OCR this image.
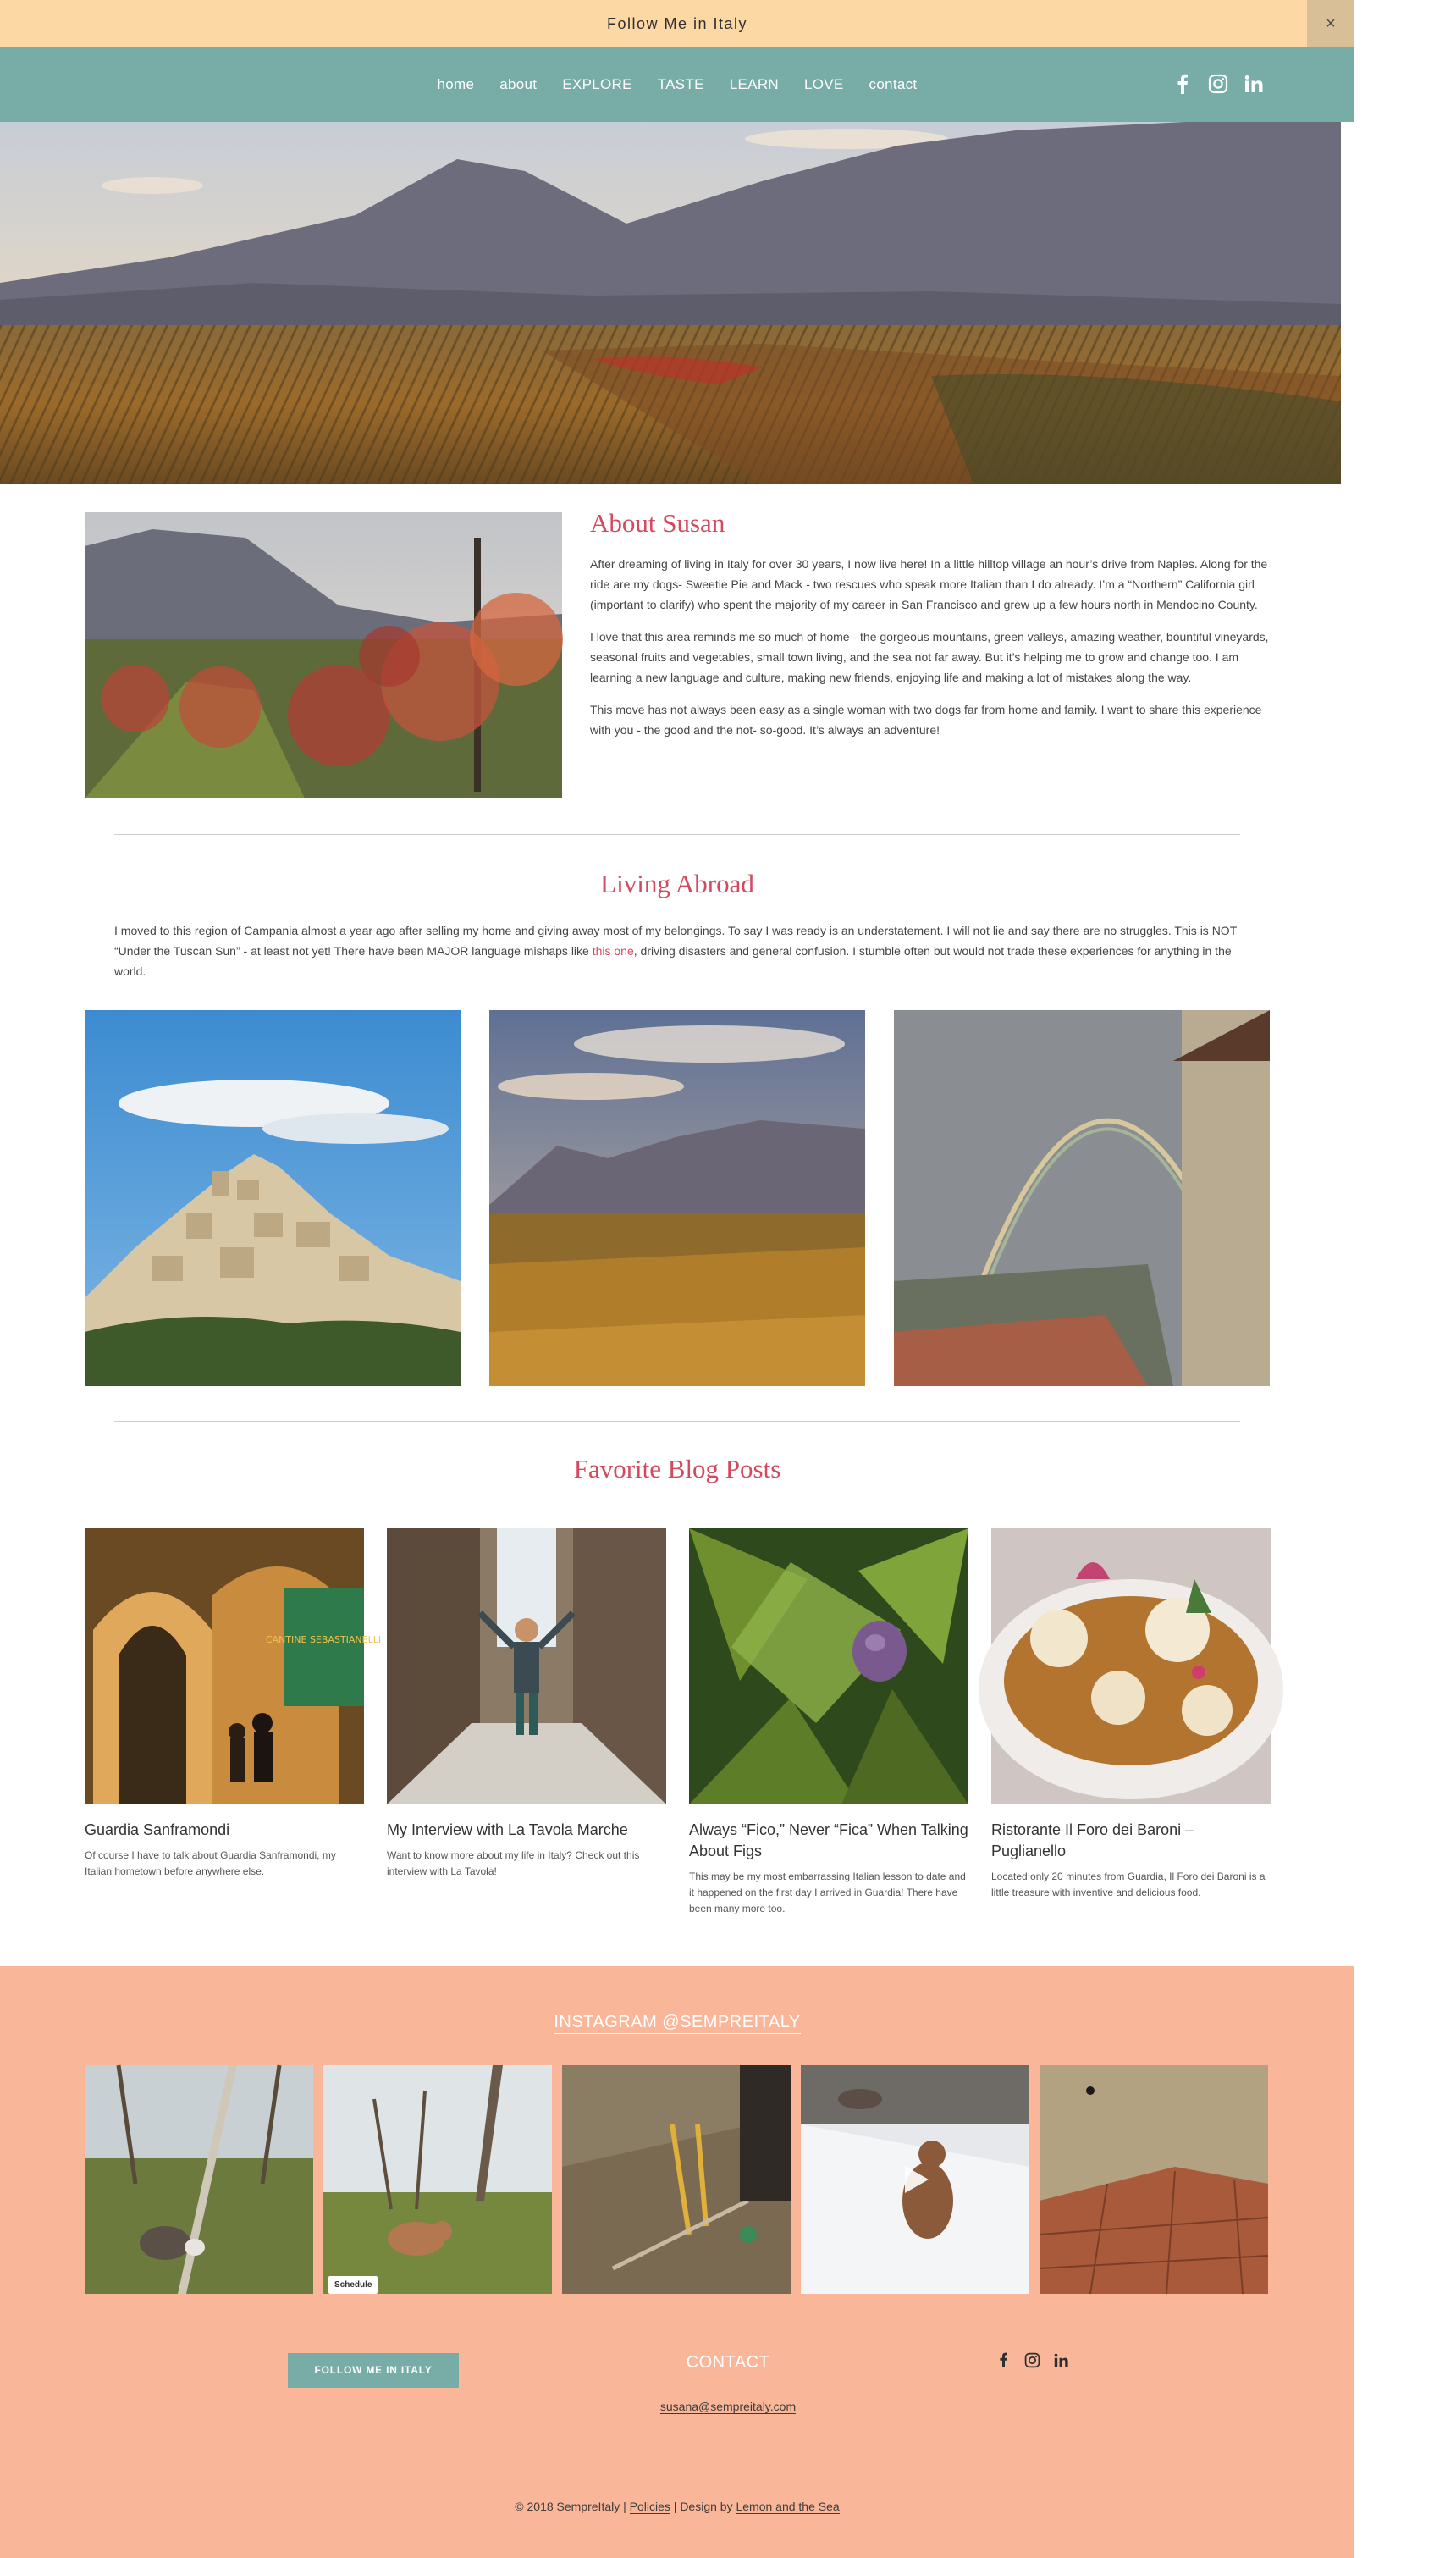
Follow Me in Italy	×
home about EXPLORE TASTE LEARN LOVE contact
About Susan

After dreaming of living in Italy for over 30 years, I now live here! In a little hilltop village an hour’s drive from Naples. Along for the ride are my dogs- Sweetie Pie and Mack - two rescues who speak more Italian than I do already. I’m a “Northern” California girl (important to clarify) who spent the majority of my career in San Francisco and grew up a few hours north in Mendocino County.

I love that this area reminds me so much of home - the gorgeous mountains, green valleys, amazing weather, bountiful vineyards, seasonal fruits and vegetables, small town living, and the sea not far away. But it’s helping me to grow and change too. I am learning a new language and culture, making new friends, enjoying life and making a lot of mistakes along the way.

This move has not always been easy as a single woman with two dogs far from home and family. I want to share this experience with you - the good and the not- so-good. It’s always an adventure!

Living Abroad

I moved to this region of Campania almost a year ago after selling my home and giving away most of my belongings. To say I was ready is an understatement. I will not lie and say there are no struggles. This is NOT “Under the Tuscan Sun” - at least not yet! There have been MAJOR language mishaps like this one, driving disasters and general confusion. I stumble often but would not trade these experiences for anything in the world.

Favorite Blog Posts
CANTINE SEBASTIANELLI
Guardia Sanframondi

Of course I have to talk about Guardia Sanframondi, my Italian hometown before anywhere else.

My Interview with La Tavola Marche

Want to know more about my life in Italy? Check out this interview with La Tavola!

Always “Fico,” Never “Fica” When Talking About Figs

This may be my most embarrassing Italian lesson to date and it happened on the first day I arrived in Guardia! There have been many more too.

Ristorante Il Foro dei Baroni – Puglianello

Located only 20 minutes from Guardia, Il Foro dei Baroni is a little treasure with inventive and delicious food.

INSTAGRAM @SEMPREITALY
Schedule
FOLLOW ME IN ITALY	CONTACT
susana@sempreitaly.com
© 2018 SempreItaly | Policies | Design by Lemon and the Sea
